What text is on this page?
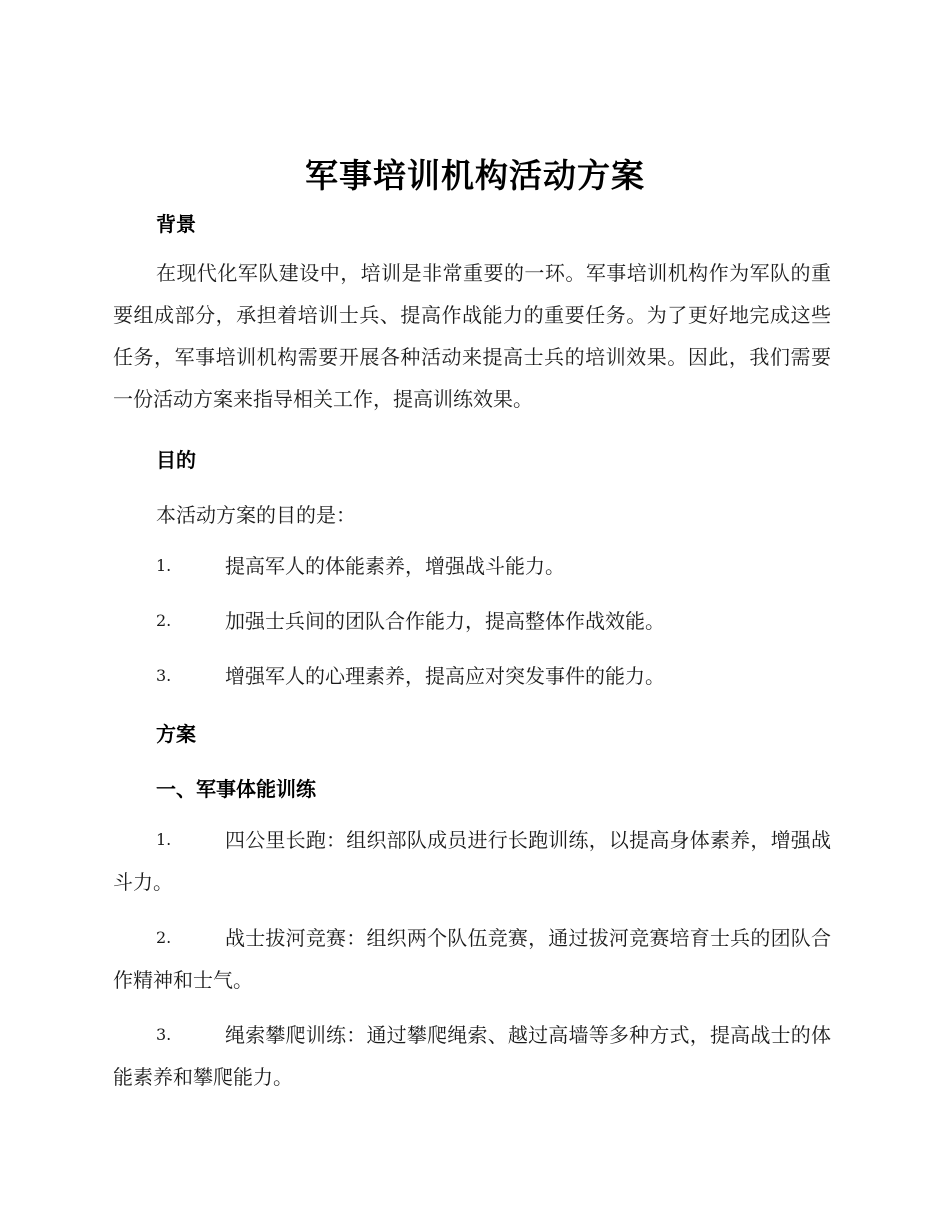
军事培训机构活动方案
背景

在现代化军队建设中，培训是非常重要的一环。军事培训机构作为军队的重要组成部分，承担着培训士兵、提高作战能力的重要任务。为了更好地完成这些任务，军事培训机构需要开展各种活动来提高士兵的培训效果。因此，我们需要一份活动方案来指导相关工作，提高训练效果。

目的
本活动方案的目的是：
1.	提高军人的体能素养，增强战斗能力。
2.	加强士兵间的团队合作能力，提高整体作战效能。
3.	增强军人的心理素养，提高应对突发事件的能力。
方案
一、军事体能训练
1.	四公里长跑：组织部队成员进行长跑训练，以提高身体素养，增强战斗力。
2.	战士拔河竞赛：组织两个队伍竞赛，通过拔河竞赛培育士兵的团队合作精神和士气。
3.	绳索攀爬训练：通过攀爬绳索、越过高墙等多种方式，提高战士的体能素养和攀爬能力。
